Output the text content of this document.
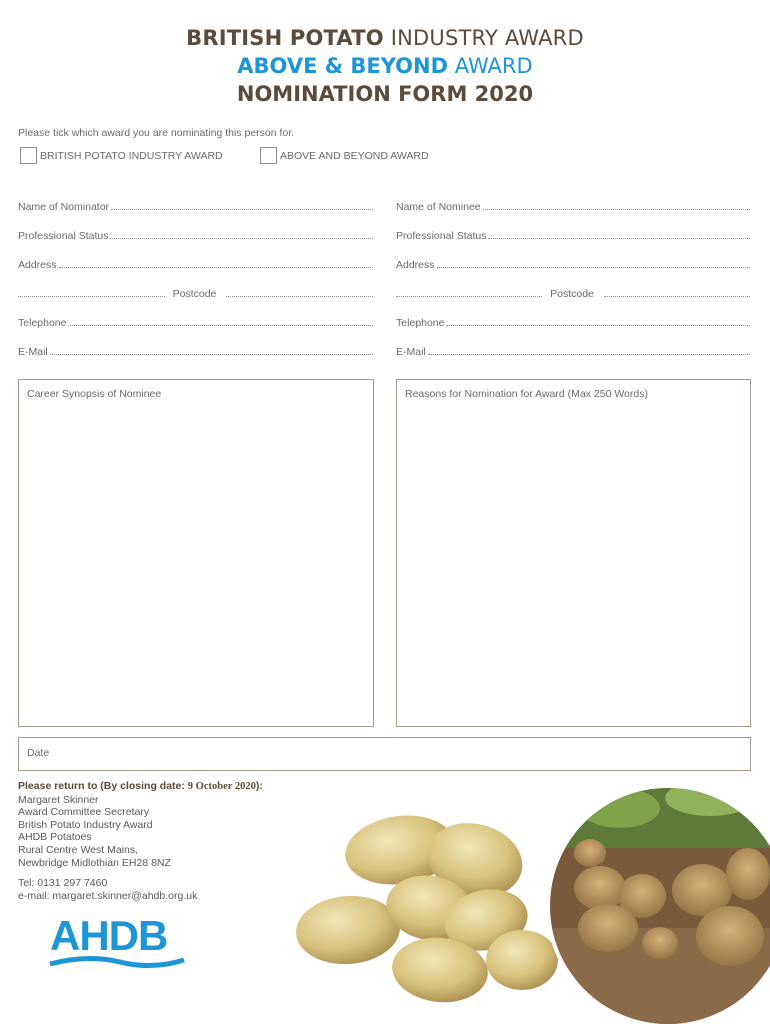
BRITISH POTATO INDUSTRY AWARD
ABOVE & BEYOND AWARD
NOMINATION FORM 2020
Please tick which award you are nominating this person for.
BRITISH POTATO INDUSTRY AWARD	ABOVE AND BEYOND AWARD
Name of Nominator
Professional Status
Address
Postcode
Telephone
E-Mail
Name of Nominee
Professional Status
Address
Postcode
Telephone
E-Mail
Career Synopsis of Nominee	Reasons for Nomination for Award (Max 250 Words)
Date
Please return to (By closing date: 9 October 2020):
Margaret Skinner
Award Committee Secretary
British Potato Industry Award
AHDB Potatoes
Rural Centre West Mains,
Newbridge Midlothian EH28 8NZ
Tel: 0131 297 7460
e-mail: margaret.skinner@ahdb.org.uk
AHDB
